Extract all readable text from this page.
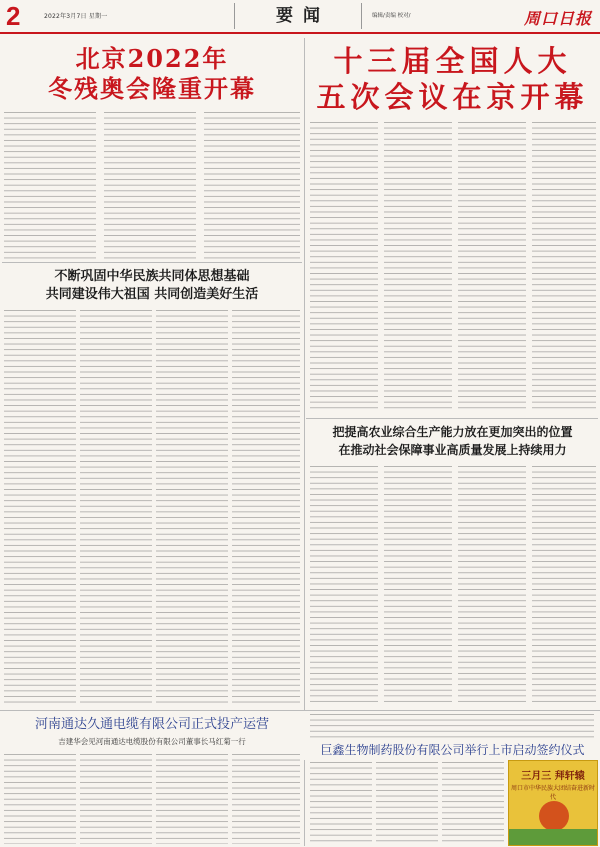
2	2022年3月7日 星期一	要闻	编辑/责编 校对/	周口日报
北京2022年
冬残奥会隆重开幕
十三届全国人大
五次会议在京开幕
不断巩固中华民族共同体思想基础
共同建设伟大祖国 共同创造美好生活
把提高农业综合生产能力放在更加突出的位置
在推动社会保障事业高质量发展上持续用力
河南通达久通电缆有限公司正式投产运营
吉建华会见河南通达电缆股份有限公司董事长马红菊一行
巨鑫生物制药股份有限公司举行上市启动签约仪式
三月三 拜轩辕
周口市中华民族大团结奋进新时代
